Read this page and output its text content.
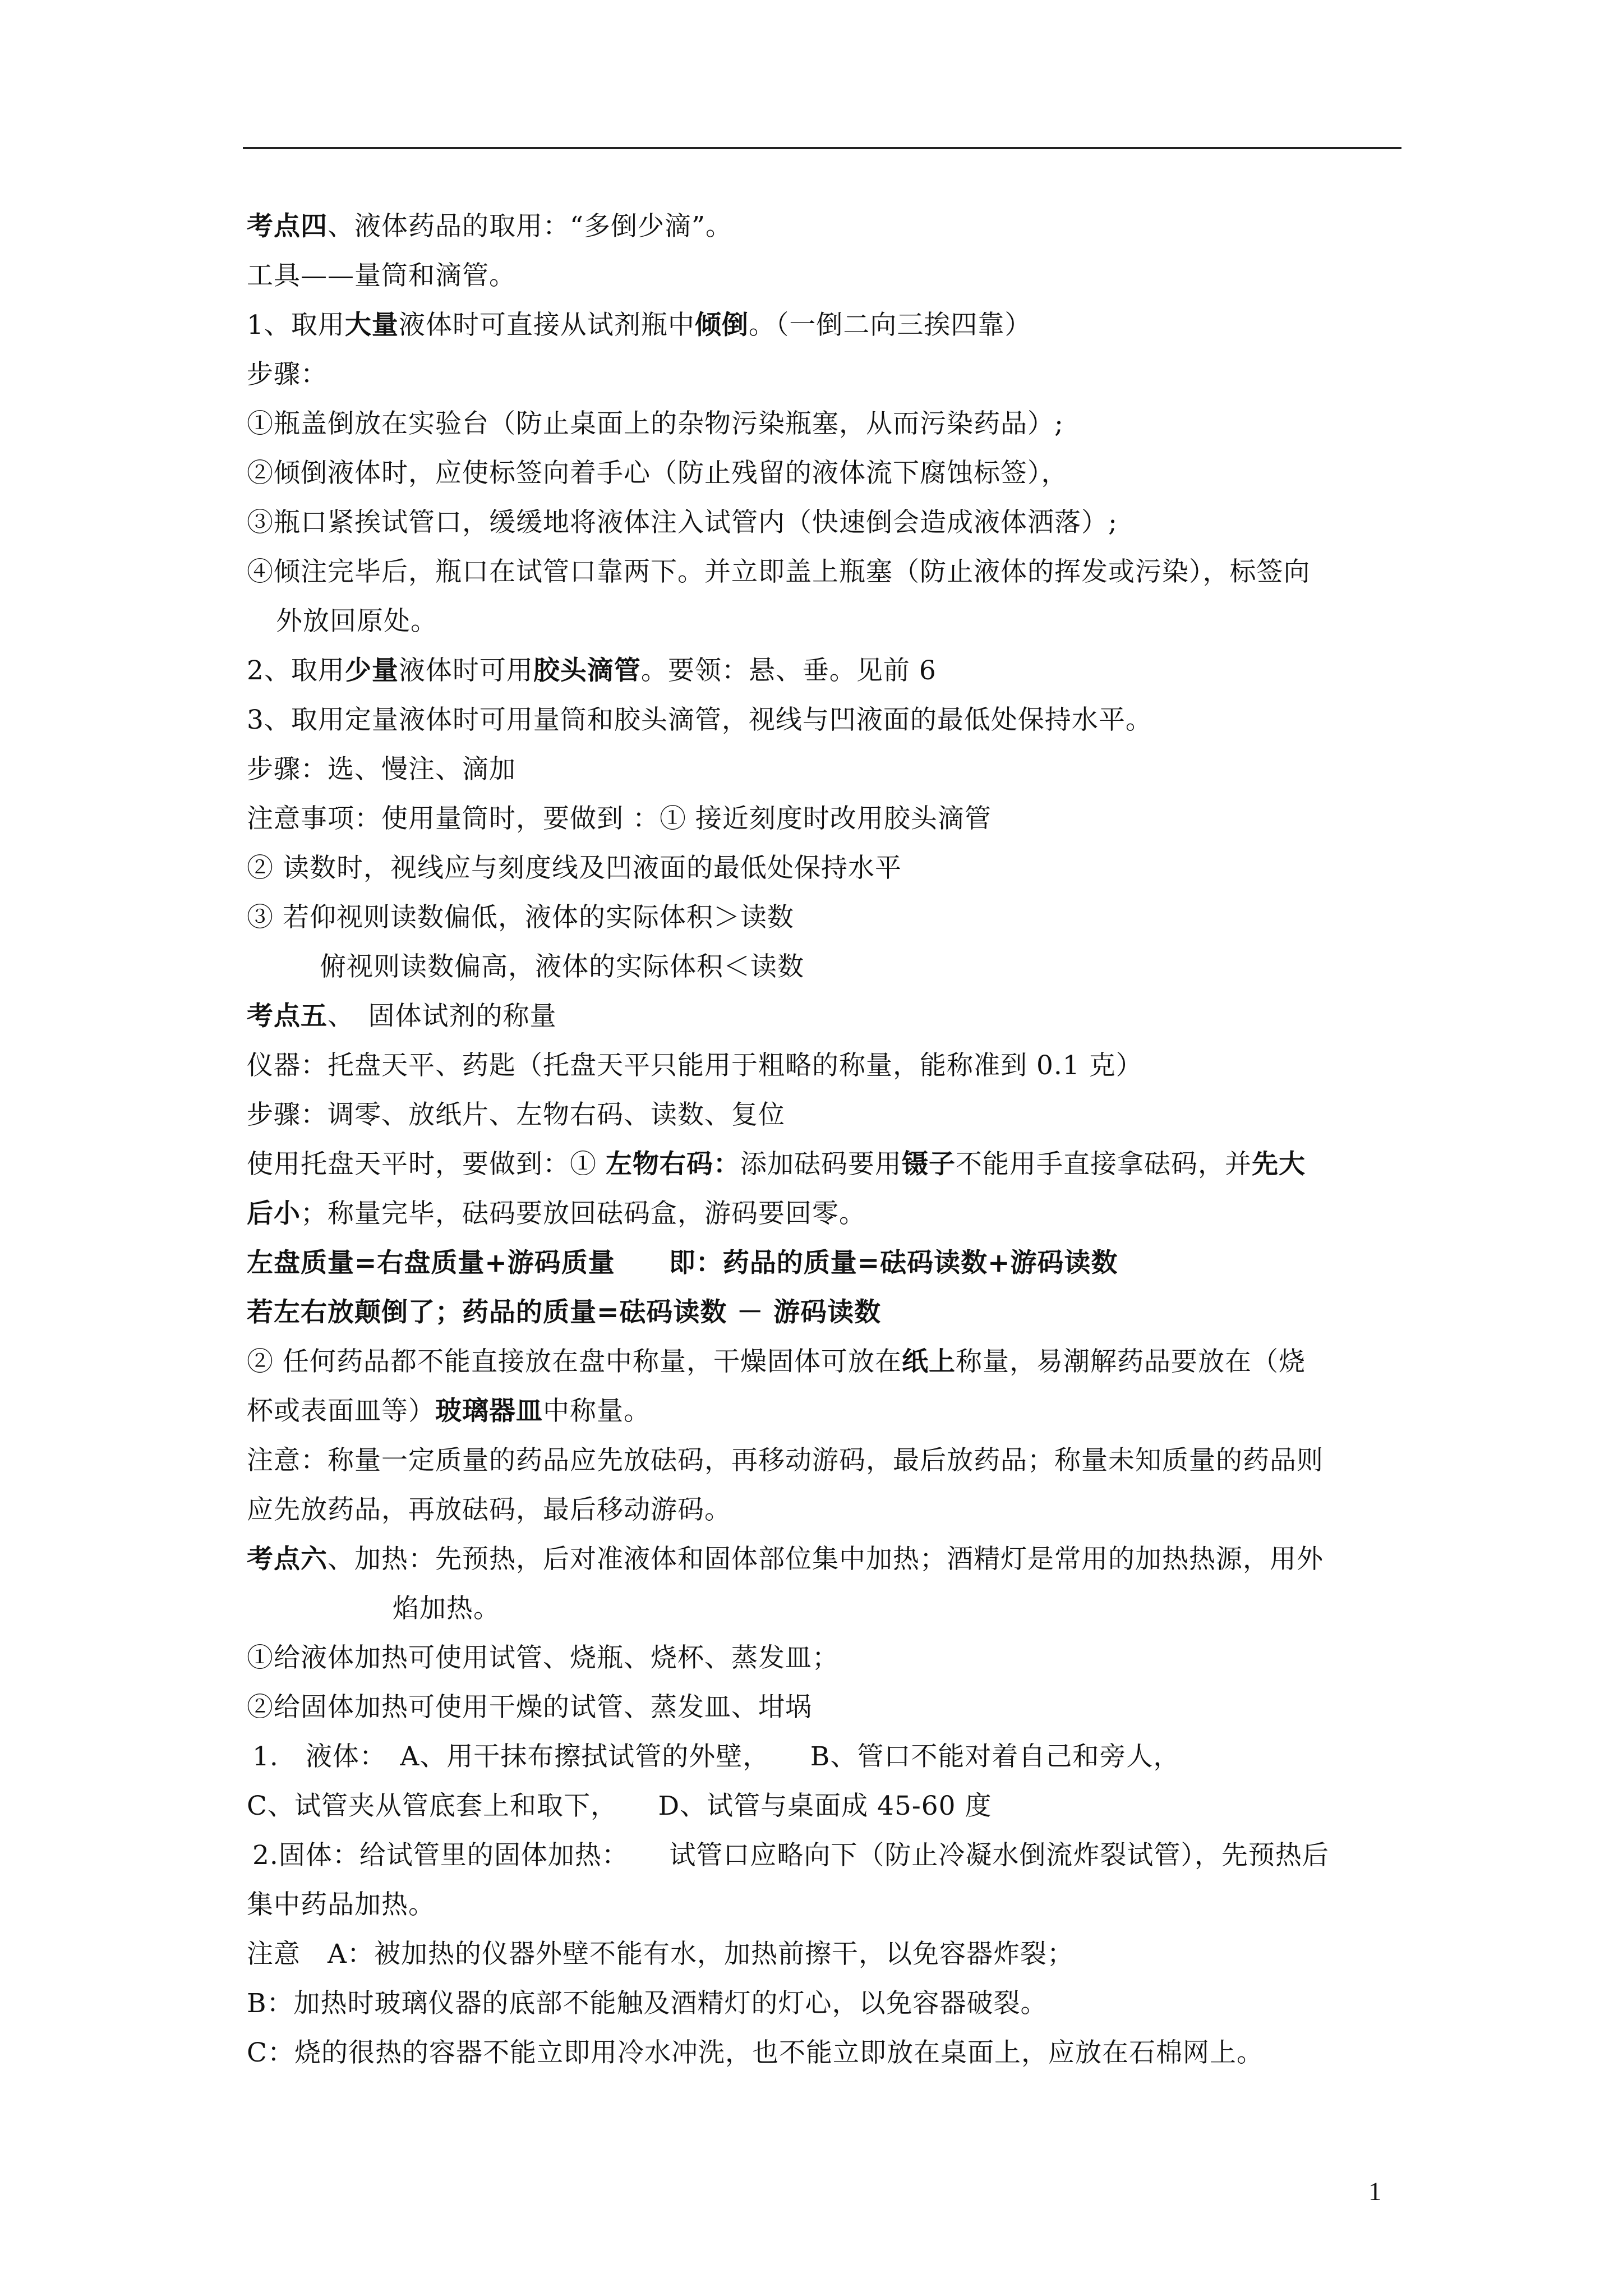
考点四、液体药品的取用：“多倒少滴”。
工具——量筒和滴管。
1、取用大量液体时可直接从试剂瓶中倾倒。（一倒二向三挨四靠）
步骤：
①瓶盖倒放在实验台（防止桌面上的杂物污染瓶塞，从而污染药品）;
②倾倒液体时，应使标签向着手心（防止残留的液体流下腐蚀标签），
③瓶口紧挨试管口，缓缓地将液体注入试管内（快速倒会造成液体洒落）;
④倾注完毕后，瓶口在试管口靠两下。并立即盖上瓶塞（防止液体的挥发或污染），标签向
外放回原处。
2、取用少量液体时可用胶头滴管。要领：悬、垂。见前 6
3、取用定量液体时可用量筒和胶头滴管，视线与凹液面的最低处保持水平。
步骤：选、慢注、滴加
注意事项：使用量筒时，要做到 ：① 接近刻度时改用胶头滴管
② 读数时，视线应与刻度线及凹液面的最低处保持水平
③ 若仰视则读数偏低，液体的实际体积＞读数
俯视则读数偏高，液体的实际体积＜读数
考点五、　固体试剂的称量
仪器：托盘天平、药匙（托盘天平只能用于粗略的称量，能称准到 0.1 克）
步骤：调零、放纸片、左物右码、读数、复位
使用托盘天平时，要做到：① 左物右码：添加砝码要用镊子不能用手直接拿砝码，并先大
后小；称量完毕，砝码要放回砝码盒，游码要回零。
左盘质量=右盘质量+游码质量　　即：药品的质量=砝码读数+游码读数
若左右放颠倒了；药品的质量=砝码读数 － 游码读数
② 任何药品都不能直接放在盘中称量，干燥固体可放在纸上称量，易潮解药品要放在（烧
杯或表面皿等）玻璃器皿中称量。
注意：称量一定质量的药品应先放砝码，再移动游码，最后放药品；称量未知质量的药品则
应先放药品，再放砝码，最后移动游码。
考点六、加热：先预热，后对准液体和固体部位集中加热；酒精灯是常用的加热热源，用外
焰加热。
①给液体加热可使用试管、烧瓶、烧杯、蒸发皿；
②给固体加热可使用干燥的试管、蒸发皿、坩埚
1.　液体：　A、用干抹布擦拭试管的外壁，　　B、管口不能对着自己和旁人，
C、试管夹从管底套上和取下，　　D、试管与桌面成 45-60 度
2.固体：给试管里的固体加热：　　试管口应略向下（防止冷凝水倒流炸裂试管），先预热后
集中药品加热。
注意　A：被加热的仪器外壁不能有水，加热前擦干，以免容器炸裂；
B：加热时玻璃仪器的底部不能触及酒精灯的灯心，以免容器破裂。
C：烧的很热的容器不能立即用冷水冲洗，也不能立即放在桌面上，应放在石棉网上。
1
